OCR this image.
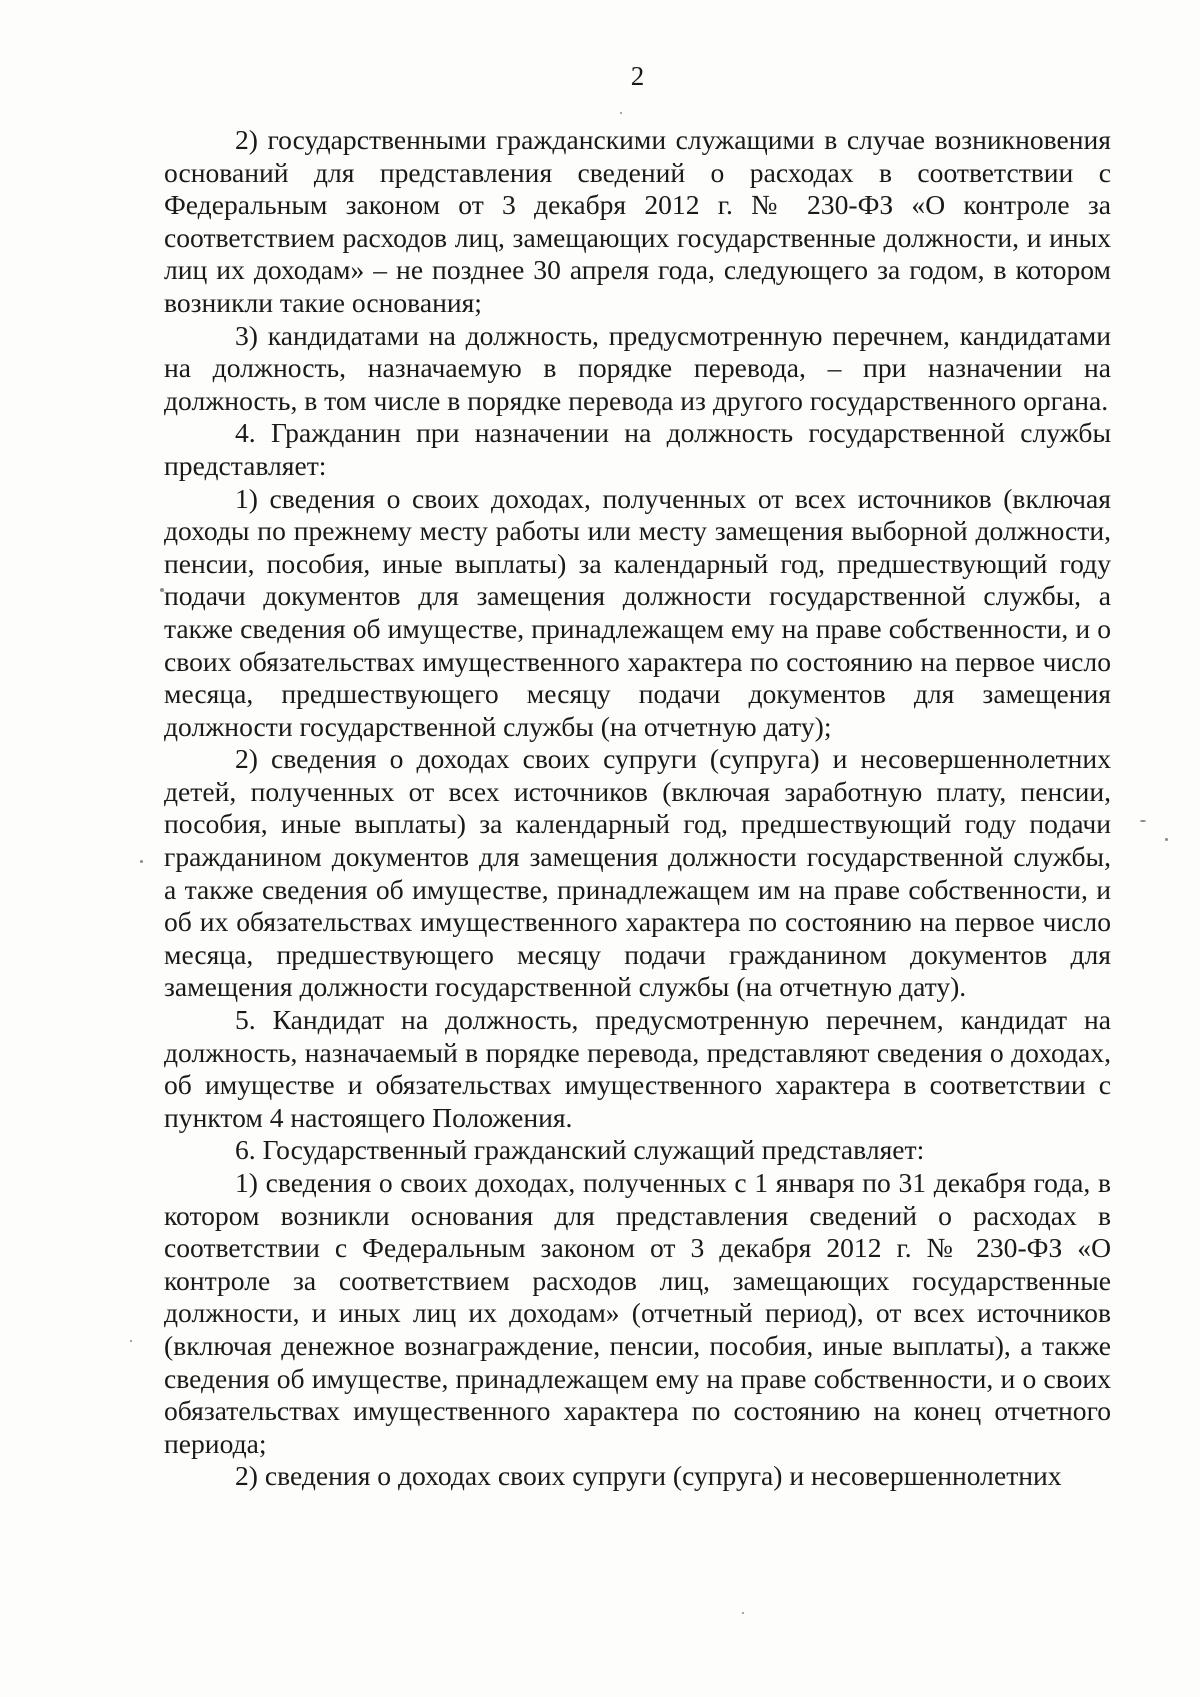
2

2) государственными гражданскими служащими в случае возникновения оснований для представления сведений о расходах в соответствии с Федеральным законом от 3 декабря 2012 г. № 230-ФЗ «О контроле за соответствием расходов лиц, замещающих государственные должности, и иных лиц их доходам» – не позднее 30 апреля года, следующего за годом, в котором возникли такие основания;

3) кандидатами на должность, предусмотренную перечнем, кандидатами на должность, назначаемую в порядке перевода, – при назначении на должность, в том числе в порядке перевода из другого государственного органа.

4. Гражданин при назначении на должность государственной службы представляет:

1) сведения о своих доходах, полученных от всех источников (включая доходы по прежнему месту работы или месту замещения выборной должности, пенсии, пособия, иные выплаты) за календарный год, предшествующий году подачи документов для замещения должности государственной службы, а также сведения об имуществе, принадлежащем ему на праве собственности, и о своих обязательствах имущественного характера по состоянию на первое число месяца, предшествующего месяцу подачи документов для замещения должности государственной службы (на отчетную дату);

2) сведения о доходах своих супруги (супруга) и несовершеннолетних детей, полученных от всех источников (включая заработную плату, пенсии, пособия, иные выплаты) за календарный год, предшествующий году подачи гражданином документов для замещения должности государственной службы, а также сведения об имуществе, принадлежащем им на праве собственности, и об их обязательствах имущественного характера по состоянию на первое число месяца, предшествующего месяцу подачи гражданином документов для замещения должности государственной службы (на отчетную дату).

5. Кандидат на должность, предусмотренную перечнем, кандидат на должность, назначаемый в порядке перевода, представляют сведения о доходах, об имуществе и обязательствах имущественного характера в соответствии с пунктом 4 настоящего Положения.

6. Государственный гражданский служащий представляет:

1) сведения о своих доходах, полученных с 1 января по 31 декабря года, в котором возникли основания для представления сведений о расходах в соответствии с Федеральным законом от 3 декабря 2012 г. № 230-ФЗ «О контроле за соответствием расходов лиц, замещающих государственные должности, и иных лиц их доходам» (отчетный период), от всех источников (включая денежное вознаграждение, пенсии, пособия, иные выплаты), а также сведения об имуществе, принадлежащем ему на праве собственности, и о своих обязательствах имущественного характера по состоянию на конец отчетного периода;

2) сведения о доходах своих супруги (супруга) и несовершеннолетних
